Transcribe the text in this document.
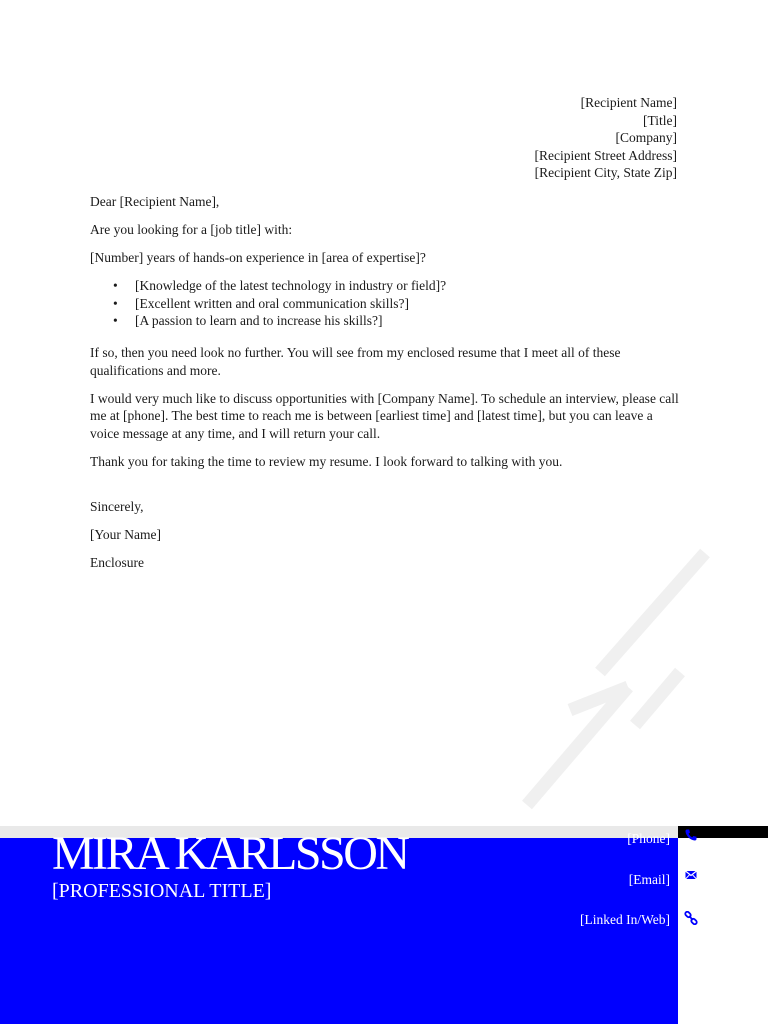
[Recipient Name]
[Title]
[Company]
[Recipient Street Address]
[Recipient City, State Zip]

Dear [Recipient Name],

Are you looking for a [job title] with:

[Number] years of hands-on experience in [area of expertise]?

• [Knowledge of the latest technology in industry or field]?
• [Excellent written and oral communication skills?]
• [A passion to learn and to increase his skills?]

If so, then you need look no further. You will see from my enclosed resume that I meet all of these qualifications and more.

I would very much like to discuss opportunities with [Company Name]. To schedule an interview, please call me at [phone]. The best time to reach me is between [earliest time] and [latest time], but you can leave a voice message at any time, and I will return your call.

Thank you for taking the time to review my resume. I look forward to talking with you.

Sincerely,

[Your Name]

Enclosure

MIRA KARLSSON
[PROFESSIONAL TITLE]
[Phone]
[Email]
[Linked In/Web]
